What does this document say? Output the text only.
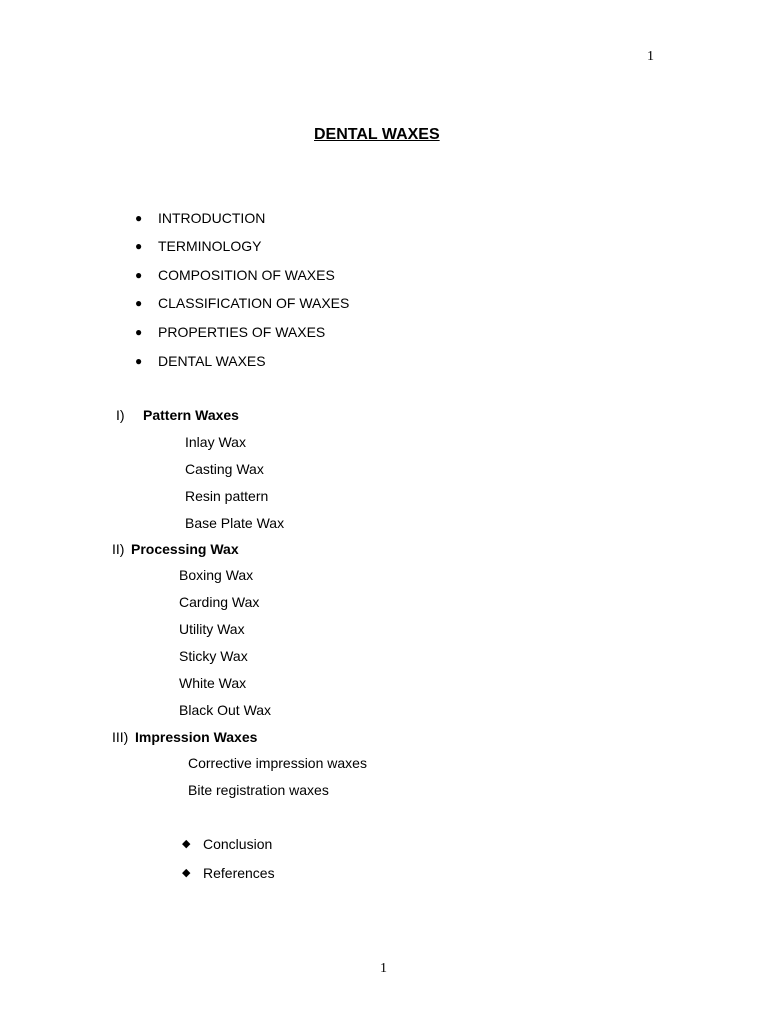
1
DENTAL WAXES
● INTRODUCTION
● TERMINOLOGY
● COMPOSITION OF WAXES
● CLASSIFICATION OF WAXES
● PROPERTIES OF WAXES
● DENTAL WAXES
I) Pattern Waxes
Inlay Wax
Casting Wax
Resin pattern
Base Plate Wax
II) Processing Wax
Boxing Wax
Carding Wax
Utility Wax
Sticky Wax
White Wax
Black Out Wax
III) Impression Waxes
Corrective impression waxes
Bite registration waxes
◆ Conclusion
◆ References
1
